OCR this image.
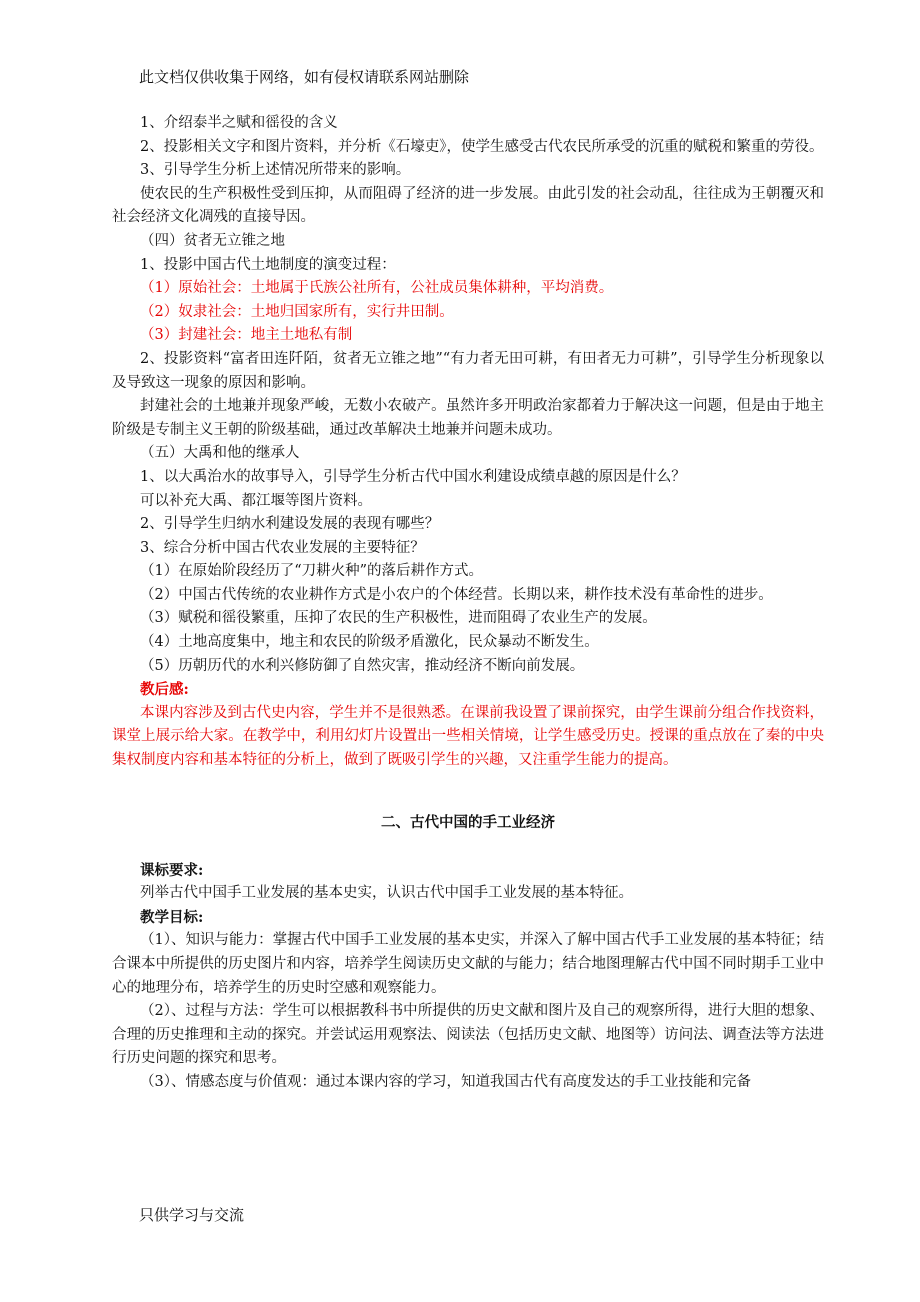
此文档仅供收集于网络，如有侵权请联系网站删除

1、介绍泰半之赋和徭役的含义

2、投影相关文字和图片资料，并分析《石壕吏》，使学生感受古代农民所承受的沉重的赋税和繁重的劳役。

3、引导学生分析上述情况所带来的影响。

使农民的生产积极性受到压抑，从而阻碍了经济的进一步发展。由此引发的社会动乱，往往成为王朝覆灭和社会经济文化凋残的直接导因。

（四）贫者无立锥之地

1、投影中国古代土地制度的演变过程：

（1）原始社会：土地属于氏族公社所有，公社成员集体耕种，平均消费。

（2）奴隶社会：土地归国家所有，实行井田制。

（3）封建社会：地主土地私有制

2、投影资料“富者田连阡陌，贫者无立锥之地”“有力者无田可耕，有田者无力可耕”，引导学生分析现象以及导致这一现象的原因和影响。

封建社会的土地兼并现象严峻，无数小农破产。虽然许多开明政治家都着力于解决这一问题，但是由于地主阶级是专制主义王朝的阶级基础，通过改革解决土地兼并问题未成功。

（五）大禹和他的继承人

1、以大禹治水的故事导入，引导学生分析古代中国水利建设成绩卓越的原因是什么？

可以补充大禹、都江堰等图片资料。

2、引导学生归纳水利建设发展的表现有哪些？

3、综合分析中国古代农业发展的主要特征？

（1）在原始阶段经历了“刀耕火种”的落后耕作方式。

（2）中国古代传统的农业耕作方式是小农户的个体经营。长期以来，耕作技术没有革命性的进步。

（3）赋税和徭役繁重，压抑了农民的生产积极性，进而阻碍了农业生产的发展。

（4）土地高度集中，地主和农民的阶级矛盾激化，民众暴动不断发生。

（5）历朝历代的水利兴修防御了自然灾害，推动经济不断向前发展。

教后感:

本课内容涉及到古代史内容，学生并不是很熟悉。在课前我设置了课前探究，由学生课前分组合作找资料，课堂上展示给大家。在教学中，利用幻灯片设置出一些相关情境，让学生感受历史。授课的重点放在了秦的中央集权制度内容和基本特征的分析上，做到了既吸引学生的兴趣，又注重学生能力的提高。

二、古代中国的手工业经济

课标要求:

列举古代中国手工业发展的基本史实，认识古代中国手工业发展的基本特征。

教学目标:

（1）、知识与能力：掌握古代中国手工业发展的基本史实，并深入了解中国古代手工业发展的基本特征；结合课本中所提供的历史图片和内容，培养学生阅读历史文献的与能力；结合地图理解古代中国不同时期手工业中心的地理分布，培养学生的历史时空感和观察能力。

（2）、过程与方法：学生可以根据教科书中所提供的历史文献和图片及自己的观察所得，进行大胆的想象、合理的历史推理和主动的探究。并尝试运用观察法、阅读法（包括历史文献、地图等）访问法、调查法等方法进行历史问题的探究和思考。

（3）、情感态度与价值观：通过本课内容的学习，知道我国古代有高度发达的手工业技能和完备

只供学习与交流
